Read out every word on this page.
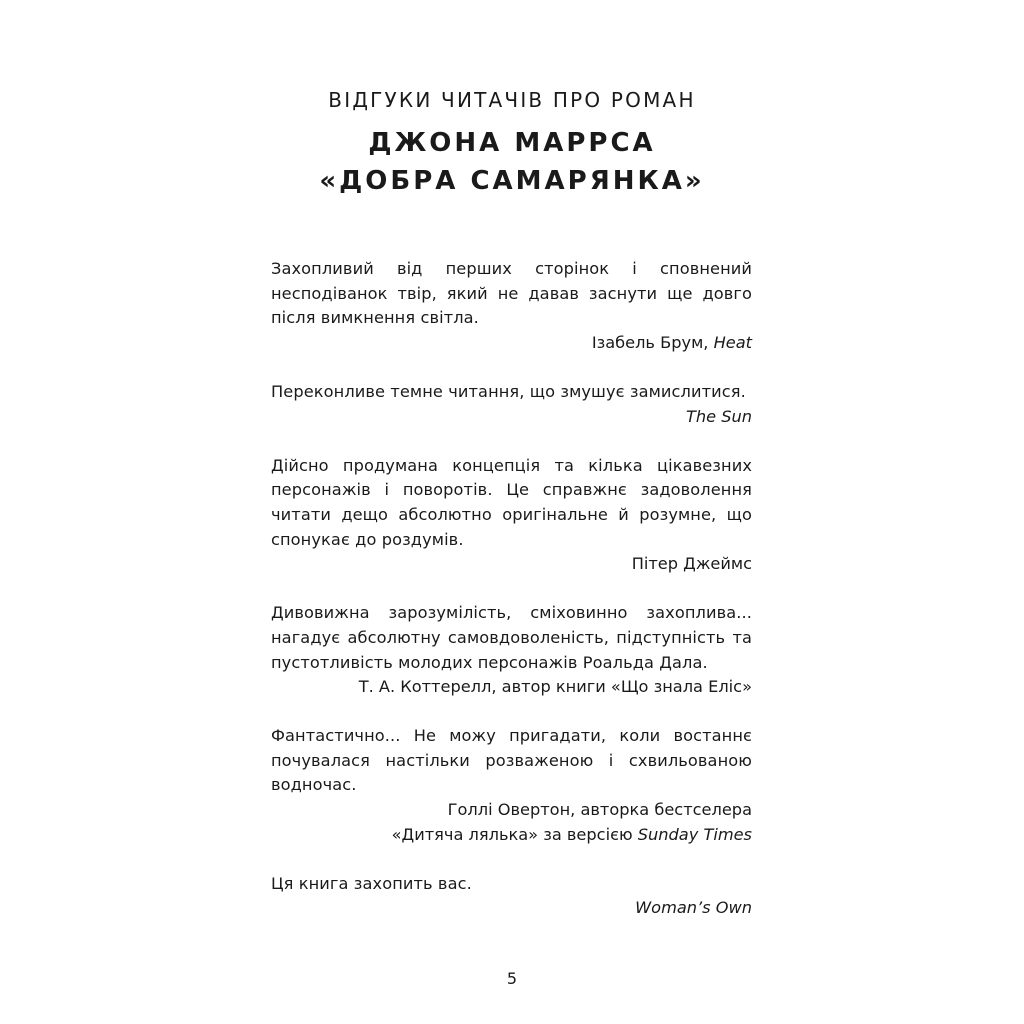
ВІДГУКИ ЧИТАЧІВ ПРО РОМАН
ДЖОНА МАРРСА
«ДОБРА САМАРЯНКА»
Захопливий від перших сторінок і сповнений несподіванок твір, який не давав заснути ще довго після вимкнення світла.
Ізабель Брум, Heat
Переконливе темне читання, що змушує замислитися.
The Sun
Дійсно продумана концепція та кілька цікавезних персонажів і поворотів. Це справжнє задоволення читати дещо абсолютно оригінальне й розумне, що спонукає до роздумів.
Пітер Джеймс
Дивовижна зарозумілість, сміховинно захоплива... нагадує абсолютну самовдоволеність, підступність та пустотливість молодих персонажів Роальда Дала.
Т. А. Коттерелл, автор книги «Що знала Еліс»
Фантастично... Не можу пригадати, коли востаннє почувалася настільки розваженою і схвильованою водночас.
Голлі Овертон, авторка бестселера
«Дитяча лялька» за версією Sunday Times
Ця книга захопить вас.
Woman’s Own
5
